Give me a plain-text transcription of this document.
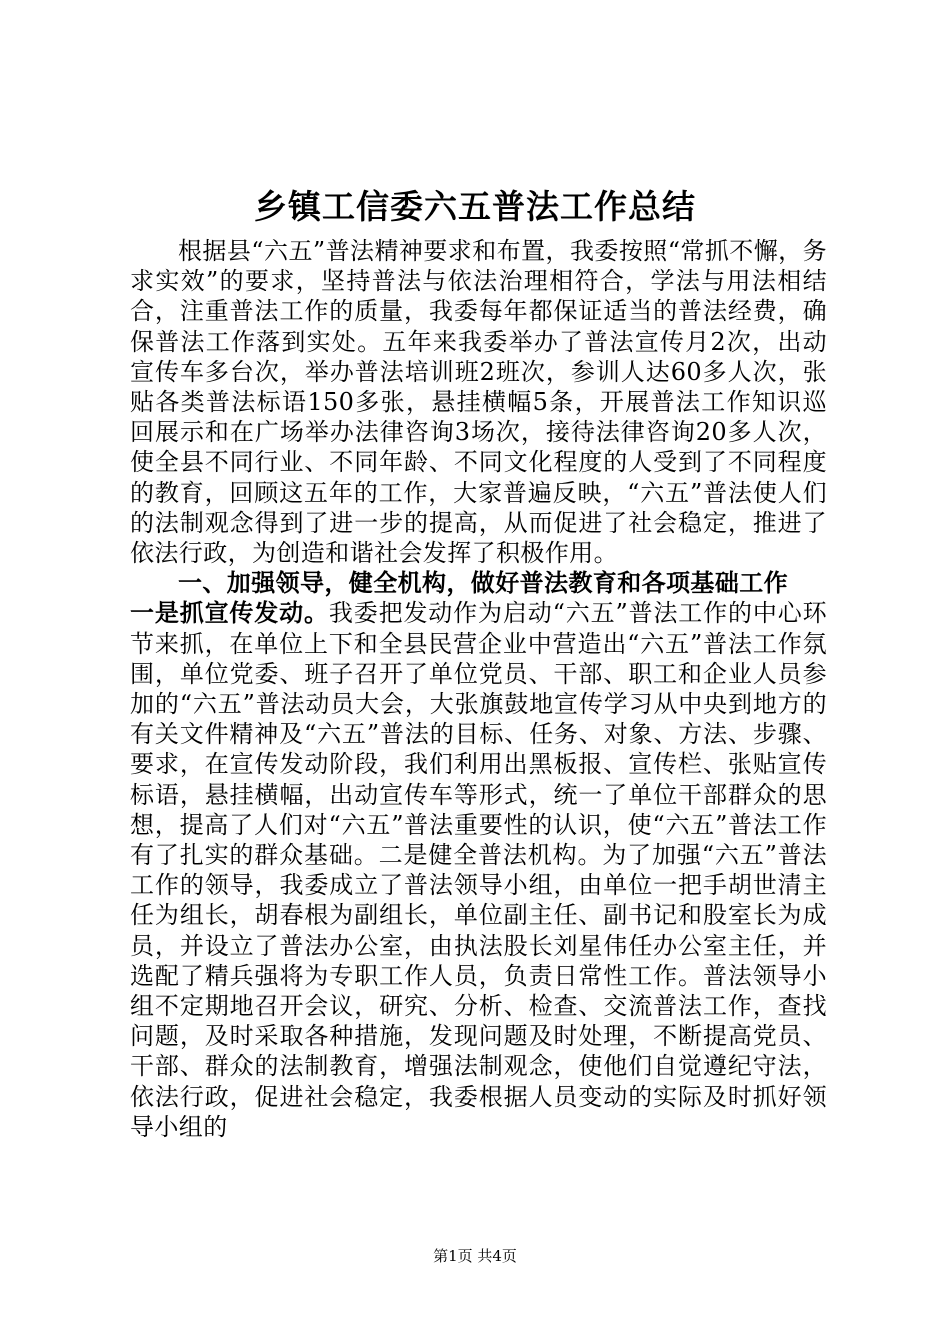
乡镇工信委六五普法工作总结

根据县“六五”普法精神要求和布置，我委按照“常抓不懈，务求实效”的要求，坚持普法与依法治理相符合，学法与用法相结合，注重普法工作的质量，我委每年都保证适当的普法经费，确保普法工作落到实处。五年来我委举办了普法宣传月2次，出动宣传车多台次，举办普法培训班2班次，参训人达60多人次，张贴各类普法标语150多张，悬挂横幅5条，开展普法工作知识巡回展示和在广场举办法律咨询3场次，接待法律咨询20多人次，使全县不同行业、不同年龄、不同文化程度的人受到了不同程度的教育，回顾这五年的工作，大家普遍反映，“六五”普法使人们的法制观念得到了进一步的提高，从而促进了社会稳定，推进了依法行政，为创造和谐社会发挥了积极作用。

一、加强领导，健全机构，做好普法教育和各项基础工作

一是抓宣传发动。我委把发动作为启动“六五”普法工作的中心环节来抓，在单位上下和全县民营企业中营造出“六五”普法工作氛围，单位党委、班子召开了单位党员、干部、职工和企业人员参加的“六五”普法动员大会，大张旗鼓地宣传学习从中央到地方的有关文件精神及“六五”普法的目标、任务、对象、方法、步骤、要求，在宣传发动阶段，我们利用出黑板报、宣传栏、张贴宣传标语，悬挂横幅，出动宣传车等形式，统一了单位干部群众的思想，提高了人们对“六五”普法重要性的认识，使“六五”普法工作有了扎实的群众基础。二是健全普法机构。为了加强“六五”普法工作的领导，我委成立了普法领导小组，由单位一把手胡世清主任为组长，胡春根为副组长，单位副主任、副书记和股室长为成员，并设立了普法办公室，由执法股长刘星伟任办公室主任，并选配了精兵强将为专职工作人员，负责日常性工作。普法领导小组不定期地召开会议，研究、分析、检查、交流普法工作，查找问题，及时采取各种措施，发现问题及时处理，不断提高党员、干部、群众的法制教育，增强法制观念，使他们自觉遵纪守法，依法行政，促进社会稳定，我委根据人员变动的实际及时抓好领导小组的

第1页 共4页
